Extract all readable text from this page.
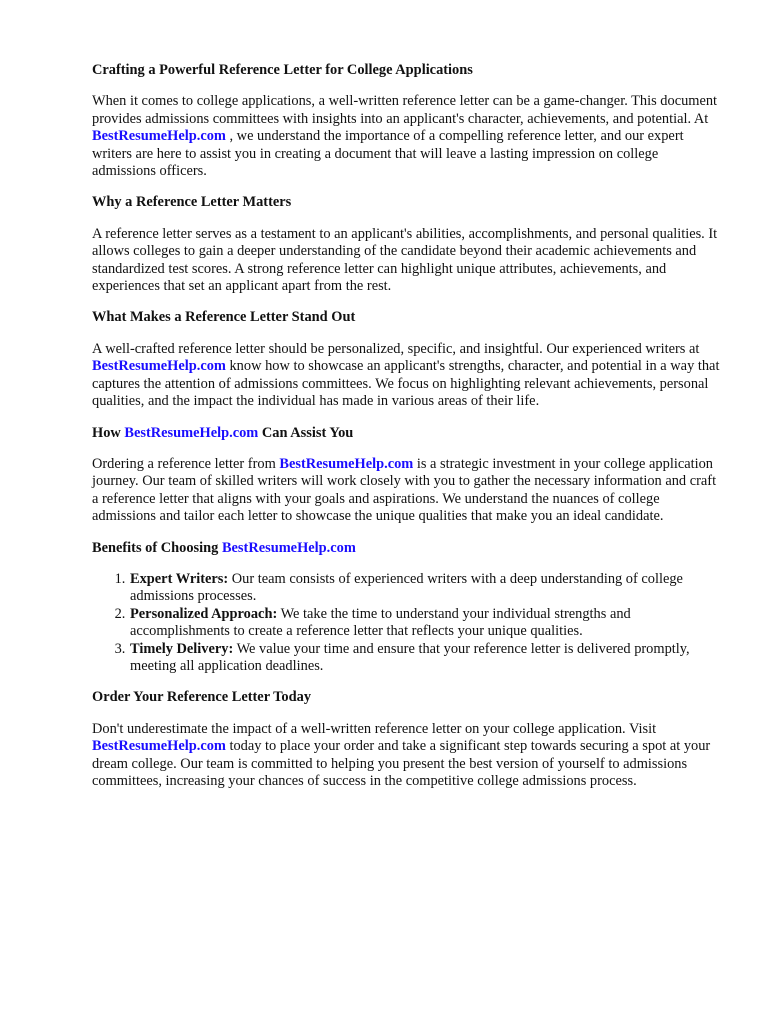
Crafting a Powerful Reference Letter for College Applications

When it comes to college applications, a well-written reference letter can be a game-changer. This document provides admissions committees with insights into an applicant's character, achievements, and potential. At BestResumeHelp.com , we understand the importance of a compelling reference letter, and our expert writers are here to assist you in creating a document that will leave a lasting impression on college admissions officers.

Why a Reference Letter Matters

A reference letter serves as a testament to an applicant's abilities, accomplishments, and personal qualities. It allows colleges to gain a deeper understanding of the candidate beyond their academic achievements and standardized test scores. A strong reference letter can highlight unique attributes, achievements, and experiences that set an applicant apart from the rest.

What Makes a Reference Letter Stand Out

A well-crafted reference letter should be personalized, specific, and insightful. Our experienced writers at BestResumeHelp.com know how to showcase an applicant's strengths, character, and potential in a way that captures the attention of admissions committees. We focus on highlighting relevant achievements, personal qualities, and the impact the individual has made in various areas of their life.

How BestResumeHelp.com Can Assist You

Ordering a reference letter from BestResumeHelp.com is a strategic investment in your college application journey. Our team of skilled writers will work closely with you to gather the necessary information and craft a reference letter that aligns with your goals and aspirations. We understand the nuances of college admissions and tailor each letter to showcase the unique qualities that make you an ideal candidate.

Benefits of Choosing BestResumeHelp.com
1. Expert Writers: Our team consists of experienced writers with a deep understanding of college admissions processes.
2. Personalized Approach: We take the time to understand your individual strengths and accomplishments to create a reference letter that reflects your unique qualities.
3. Timely Delivery: We value your time and ensure that your reference letter is delivered promptly, meeting all application deadlines.
Order Your Reference Letter Today

Don't underestimate the impact of a well-written reference letter on your college application. Visit BestResumeHelp.com today to place your order and take a significant step towards securing a spot at your dream college. Our team is committed to helping you present the best version of yourself to admissions committees, increasing your chances of success in the competitive college admissions process.
